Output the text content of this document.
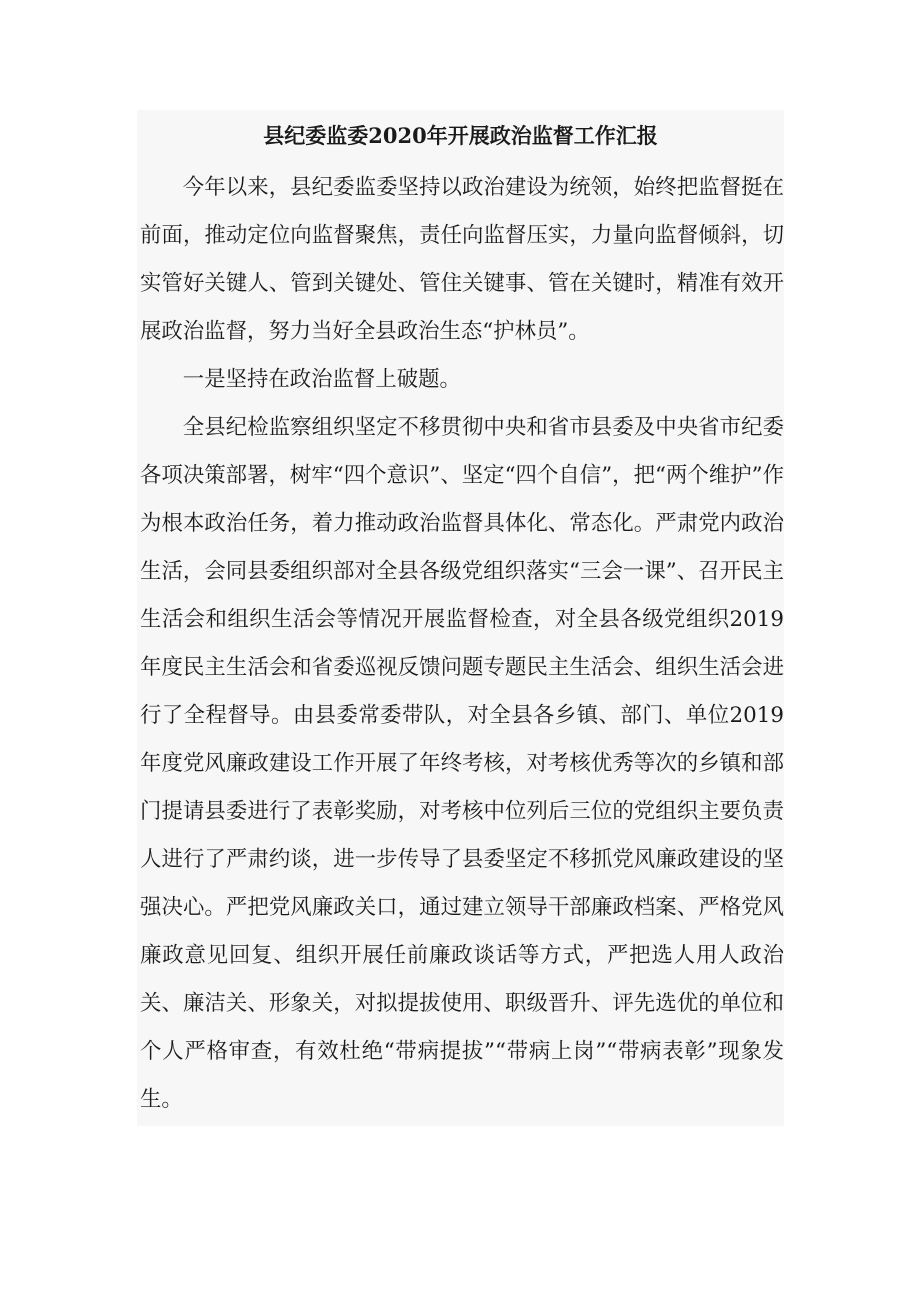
县纪委监委2020年开展政治监督工作汇报

今年以来，县纪委监委坚持以政治建设为统领，始终把监督挺在前面，推动定位向监督聚焦，责任向监督压实，力量向监督倾斜，切实管好关键人、管到关键处、管住关键事、管在关键时，精准有效开展政治监督，努力当好全县政治生态“护林员”。

一是坚持在政治监督上破题。

全县纪检监察组织坚定不移贯彻中央和省市县委及中央省市纪委各项决策部署，树牢“四个意识”、坚定“四个自信”，把“两个维护”作为根本政治任务，着力推动政治监督具体化、常态化。严肃党内政治生活，会同县委组织部对全县各级党组织落实“三会一课”、召开民主生活会和组织生活会等情况开展监督检查，对全县各级党组织2019年度民主生活会和省委巡视反馈问题专题民主生活会、组织生活会进行了全程督导。由县委常委带队，对全县各乡镇、部门、单位2019年度党风廉政建设工作开展了年终考核，对考核优秀等次的乡镇和部门提请县委进行了表彰奖励，对考核中位列后三位的党组织主要负责人进行了严肃约谈，进一步传导了县委坚定不移抓党风廉政建设的坚强决心。严把党风廉政关口，通过建立领导干部廉政档案、严格党风廉政意见回复、组织开展任前廉政谈话等方式，严把选人用人政治关、廉洁关、形象关，对拟提拔使用、职级晋升、评先选优的单位和个人严格审查，有效杜绝“带病提拔”“带病上岗”“带病表彰”现象发生。
